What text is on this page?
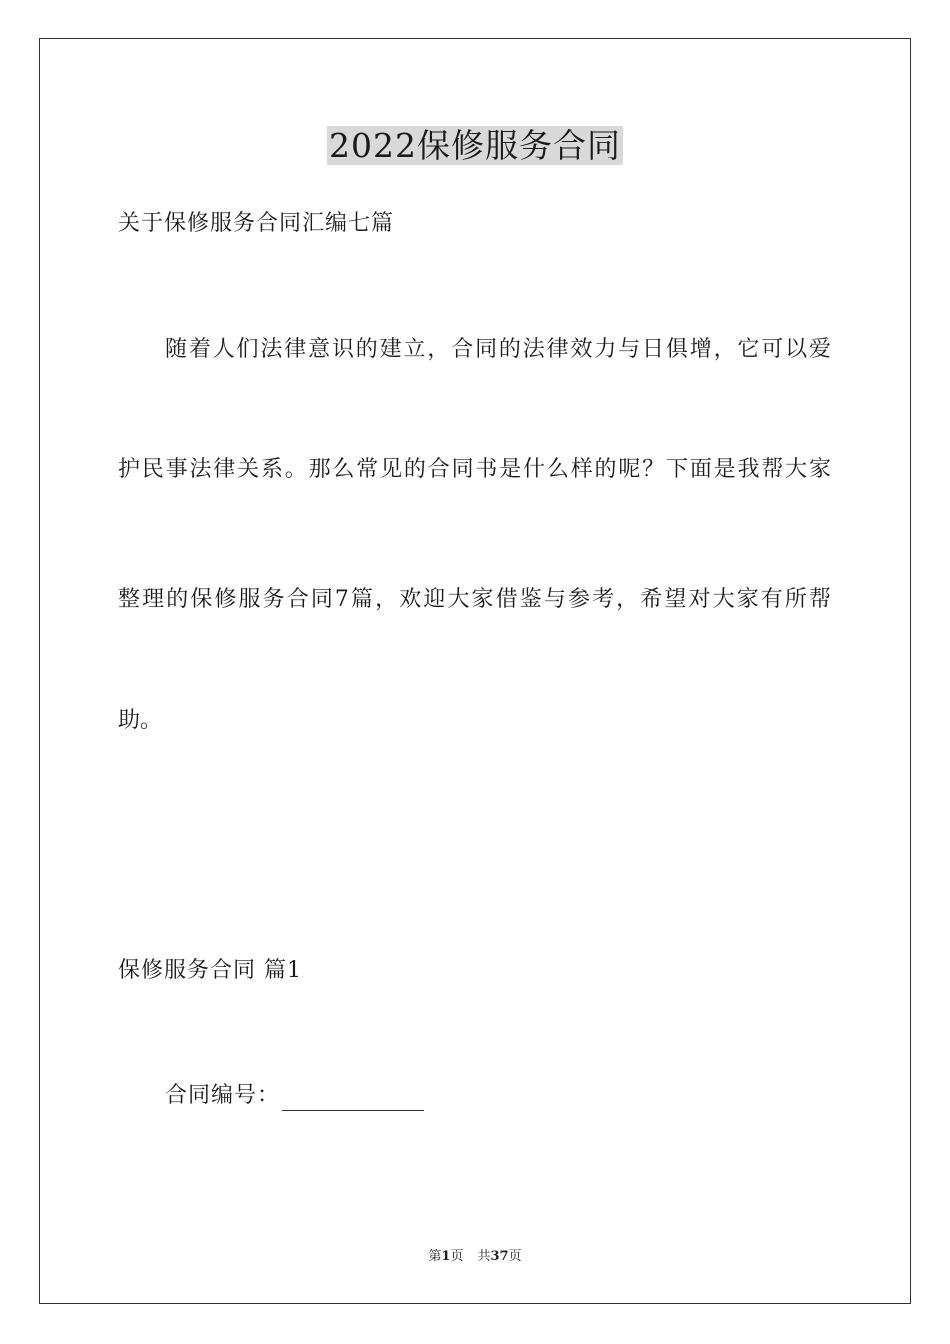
2022保修服务合同
关于保修服务合同汇编七篇
随着人们法律意识的建立，合同的法律效力与日俱增，它可以爱
护民事法律关系。那么常见的合同书是什么样的呢？下面是我帮大家
整理的保修服务合同7篇，欢迎大家借鉴与参考，希望对大家有所帮
助。
保修服务合同 篇1
合同编号：
第1页 共37页
